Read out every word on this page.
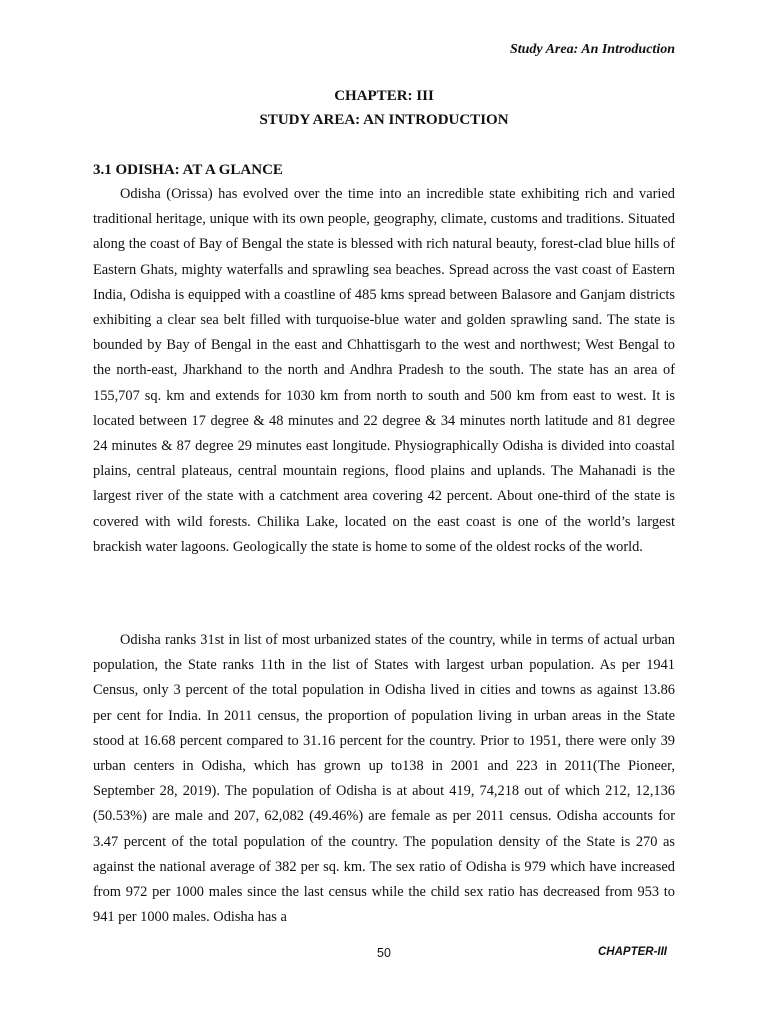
Study Area: An Introduction

CHAPTER: III
STUDY AREA: AN INTRODUCTION
3.1 ODISHA: AT A GLANCE

Odisha (Orissa) has evolved over the time into an incredible state exhibiting rich and varied traditional heritage, unique with its own people, geography, climate, customs and traditions. Situated along the coast of Bay of Bengal the state is blessed with rich natural beauty, forest-clad blue hills of Eastern Ghats, mighty waterfalls and sprawling sea beaches. Spread across the vast coast of Eastern India, Odisha is equipped with a coastline of 485 kms spread between Balasore and Ganjam districts exhibiting a clear sea belt filled with turquoise-blue water and golden sprawling sand. The state is bounded by Bay of Bengal in the east and Chhattisgarh to the west and northwest; West Bengal to the north-east, Jharkhand to the north and Andhra Pradesh to the south. The state has an area of 155,707 sq. km and extends for 1030 km from north to south and 500 km from east to west. It is located between 17 degree & 48 minutes and 22 degree & 34 minutes north latitude and 81 degree 24 minutes & 87 degree 29 minutes east longitude. Physiographically Odisha is divided into coastal plains, central plateaus, central mountain regions, flood plains and uplands. The Mahanadi is the largest river of the state with a catchment area covering 42 percent. About one-third of the state is covered with wild forests. Chilika Lake, located on the east coast is one of the world’s largest brackish water lagoons. Geologically the state is home to some of the oldest rocks of the world.

Odisha ranks 31st in list of most urbanized states of the country, while in terms of actual urban population, the State ranks 11th in the list of States with largest urban population. As per 1941 Census, only 3 percent of the total population in Odisha lived in cities and towns as against 13.86 per cent for India. In 2011 census, the proportion of population living in urban areas in the State stood at 16.68 percent compared to 31.16 percent for the country. Prior to 1951, there were only 39 urban centers in Odisha, which has grown up to138 in 2001 and 223 in 2011(The Pioneer, September 28, 2019). The population of Odisha is at about 419, 74,218 out of which 212, 12,136 (50.53%) are male and 207, 62,082 (49.46%) are female as per 2011 census. Odisha accounts for 3.47 percent of the total population of the country. The population density of the State is 270 as against the national average of 382 per sq. km. The sex ratio of Odisha is 979 which have increased from 972 per 1000 males since the last census while the child sex ratio has decreased from 953 to 941 per 1000 males. Odisha has a

50	CHAPTER-III
